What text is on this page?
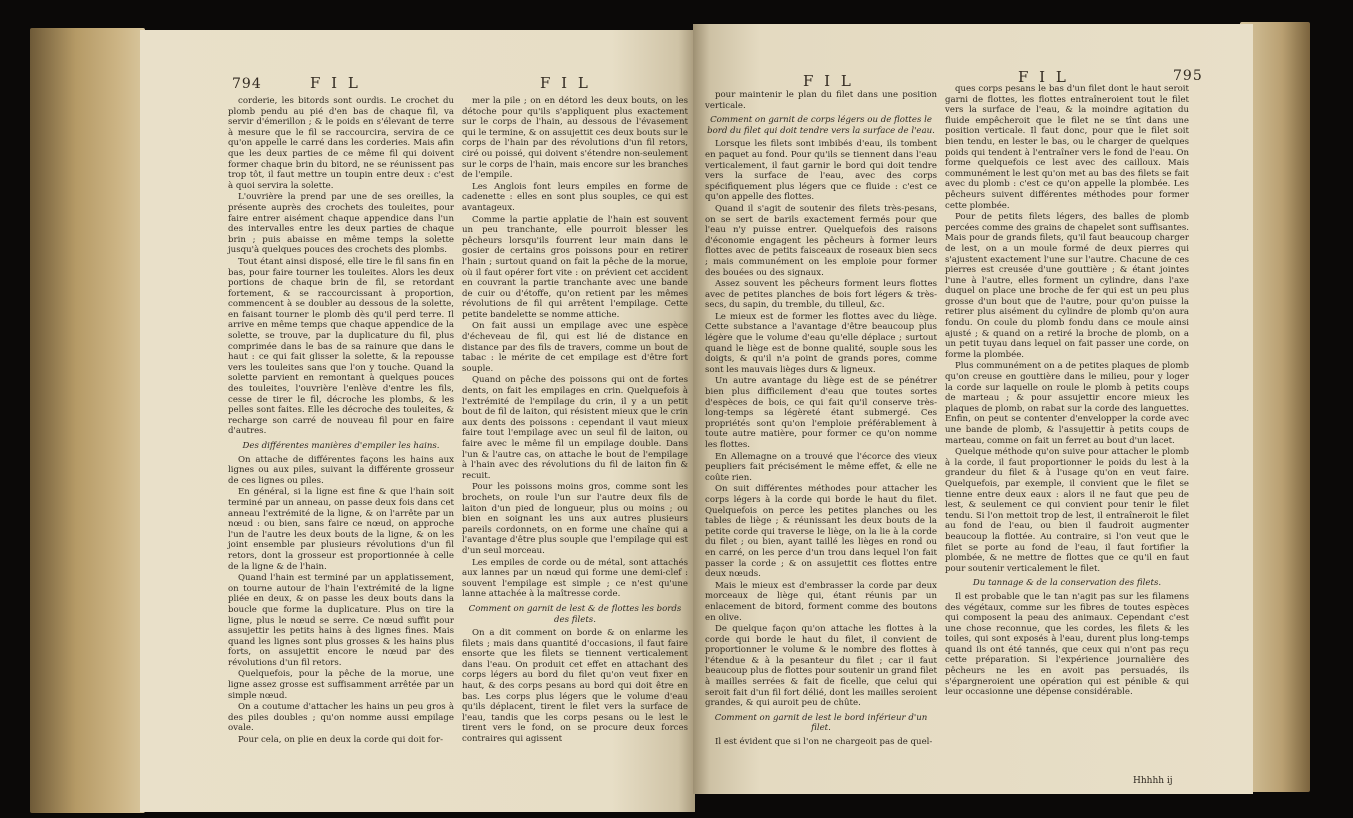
794	F I L	F I L

corderie, les bitords sont ourdis. Le crochet du plomb pendu au pié d'en bas de chaque fil, va servir d'émerillon ; & le poids en s'élevant de terre à mesure que le fil se raccourcira, servira de ce qu'on appelle le carré dans les corderies. Mais afin que les deux parties de ce même fil qui doivent former chaque brin du bitord, ne se réunissent pas trop tôt, il faut mettre un toupin entre deux : c'est à quoi servira la solette.

L'ouvrière la prend par une de ses oreilles, la présente auprès des crochets des touleites, pour faire entrer aisément chaque appendice dans l'un des intervalles entre les deux parties de chaque brin ; puis abaisse en même temps la solette jusqu'à quelques pouces des crochets des plombs.

Tout étant ainsi disposé, elle tire le fil sans fin en bas, pour faire tourner les touleites. Alors les deux portions de chaque brin de fil, se retordant fortement, & se raccourcissant à proportion, commencent à se doubler au dessous de la solette, en faisant tourner le plomb dès qu'il perd terre. Il arrive en même temps que chaque appendice de la solette, se trouve, par la duplicature du fil, plus comprimée dans le bas de sa rainure que dans le haut : ce qui fait glisser la solette, & la repousse vers les touleites sans que l'on y touche. Quand la solette parvient en remontant à quelques pouces des touleites, l'ouvrière l'enlève d'entre les fils, cesse de tirer le fil, décroche les plombs, & les pelles sont faites. Elle les décroche des touleites, & recharge son carré de nouveau fil pour en faire d'autres.

Des différentes manières d'empiler les hains.

On attache de différentes façons les hains aux lignes ou aux piles, suivant la différente grosseur de ces lignes ou piles.

En général, si la ligne est fine & que l'hain soit terminé par un anneau, on passe deux fois dans cet anneau l'extrémité de la ligne, & on l'arrête par un nœud : ou bien, sans faire ce nœud, on approche l'un de l'autre les deux bouts de la ligne, & on les joint ensemble par plusieurs révolutions d'un fil retors, dont la grosseur est proportionnée à celle de la ligne & de l'hain.

Quand l'hain est terminé par un applatissement, on tourne autour de l'hain l'extrémité de la ligne pliée en deux, & on passe les deux bouts dans la boucle que forme la duplicature. Plus on tire la ligne, plus le nœud se serre. Ce nœud suffit pour assujettir les petits hains à des lignes fines. Mais quand les lignes sont plus grosses & les hains plus forts, on assujettit encore le nœud par des révolutions d'un fil retors.

Quelquefois, pour la pêche de la morue, une ligne assez grosse est suffisamment arrêtée par un simple nœud.

On a coutume d'attacher les hains un peu gros à des piles doubles ; qu'on nomme aussi empilage ovale.

Pour cela, on plie en deux la corde qui doit for-

mer la pile ; on en détord les deux bouts, on les détoche pour qu'ils s'appliquent plus exactement sur le corps de l'hain, au dessous de l'évasement qui le termine, & on assujettit ces deux bouts sur le corps de l'hain par des révolutions d'un fil retors, ciré ou poissé, qui doivent s'étendre non-seulement sur le corps de l'hain, mais encore sur les branches de l'empile.

Les Anglois font leurs empiles en forme de cadenette : elles en sont plus souples, ce qui est avantageux.

Comme la partie applatie de l'hain est souvent un peu tranchante, elle pourroit blesser les pêcheurs lorsqu'ils fourrent leur main dans le gosier de certains gros poissons pour en retirer l'hain ; surtout quand on fait la pêche de la morue, où il faut opérer fort vite : on prévient cet accident en couvrant la partie tranchante avec une bande de cuir ou d'étoffe, qu'on retient par les mêmes révolutions de fil qui arrêtent l'empilage. Cette petite bandelette se nomme attiche.

On fait aussi un empilage avec une espèce d'écheveau de fil, qui est lié de distance en distance par des fils de travers, comme un bout de tabac : le mérite de cet empilage est d'être fort souple.

Quand on pêche des poissons qui ont de fortes dents, on fait les empilages en crin. Quelquefois à l'extrémité de l'empilage du crin, il y a un petit bout de fil de laiton, qui résistent mieux que le crin aux dents des poissons : cependant il vaut mieux faire tout l'empilage avec un seul fil de laiton, ou faire avec le même fil un empilage double. Dans l'un & l'autre cas, on attache le bout de l'empilage à l'hain avec des révolutions du fil de laiton fin & recuit.

Pour les poissons moins gros, comme sont les brochets, on roule l'un sur l'autre deux fils de laiton d'un pied de longueur, plus ou moins ; ou bien en soignant les uns aux autres plusieurs pareils cordonnets, on en forme une chaîne qui a l'avantage d'être plus souple que l'empilage qui est d'un seul morceau.

Les empiles de corde ou de métal, sont attachés aux lannes par un nœud qui forme une demi-clef : souvent l'empilage est simple ; ce n'est qu'une lanne attachée à la maîtresse corde.

Comment on garnit de lest & de flottes les bords des filets.

On a dit comment on borde & on enlarme les filets ; mais dans quantité d'occasions, il faut faire ensorte que les filets se tiennent verticalement dans l'eau. On produit cet effet en attachant des corps légers au bord du filet qu'on veut fixer en haut, & des corps pesans au bord qui doit être en bas. Les corps plus légers que le volume d'eau qu'ils déplacent, tirent le filet vers la surface de l'eau, tandis que les corps pesans ou le lest le tirent vers le fond, on se procure deux forces contraires qui agissent

F I L	F I L	795

pour maintenir le plan du filet dans une position verticale.

Comment on garnit de corps légers ou de flottes le bord du filet qui doit tendre vers la surface de l'eau.

Lorsque les filets sont imbibés d'eau, ils tombent en paquet au fond. Pour qu'ils se tiennent dans l'eau verticalement, il faut garnir le bord qui doit tendre vers la surface de l'eau, avec des corps spécifiquement plus légers que ce fluide : c'est ce qu'on appelle des flottes.

Quand il s'agit de soutenir des filets très-pesans, on se sert de barils exactement fermés pour que l'eau n'y puisse entrer. Quelquefois des raisons d'économie engagent les pêcheurs à former leurs flottes avec de petits faisceaux de roseaux bien secs ; mais communément on les emploie pour former des bouées ou des signaux.

Assez souvent les pêcheurs forment leurs flottes avec de petites planches de bois fort légers & très-secs, du sapin, du tremble, du tilleul, &c.

Le mieux est de former les flottes avec du liège. Cette substance a l'avantage d'être beaucoup plus légère que le volume d'eau qu'elle déplace ; surtout quand le liège est de bonne qualité, souple sous les doigts, & qu'il n'a point de grands pores, comme sont les mauvais lièges durs & ligneux.

Un autre avantage du liège est de se pénétrer bien plus difficilement d'eau que toutes sortes d'espèces de bois, ce qui fait qu'il conserve très-long-temps sa légèreté étant submergé. Ces propriétés sont qu'on l'emploie préférablement à toute autre matière, pour former ce qu'on nomme les flottes.

En Allemagne on a trouvé que l'écorce des vieux peupliers fait précisément le même effet, & elle ne coûte rien.

On suit différentes méthodes pour attacher les corps légers à la corde qui borde le haut du filet. Quelquefois on perce les petites planches ou les tables de liège ; & réunissant les deux bouts de la petite corde qui traverse le liège, on la lie à la corde du filet ; ou bien, ayant taillé les lièges en rond ou en carré, on les perce d'un trou dans lequel l'on fait passer la corde ; & on assujettit ces flottes entre deux nœuds.

Mais le mieux est d'embrasser la corde par deux morceaux de liège qui, étant réunis par un enlacement de bitord, forment comme des boutons en olive.

De quelque façon qu'on attache les flottes à la corde qui borde le haut du filet, il convient de proportionner le volume & le nombre des flottes à l'étendue & à la pesanteur du filet ; car il faut beaucoup plus de flottes pour soutenir un grand filet à mailles serrées & fait de ficelle, que celui qui seroit fait d'un fil fort délié, dont les mailles seroient grandes, & qui auroit peu de chûte.

Comment on garnit de lest le bord inférieur d'un filet.

Il est évident que si l'on ne chargeoit pas de quel-

ques corps pesans le bas d'un filet dont le haut seroit garni de flottes, les flottes entraîneroient tout le filet vers la surface de l'eau, & la moindre agitation du fluide empêcheroit que le filet ne se tînt dans une position verticale. Il faut donc, pour que le filet soit bien tendu, en lester le bas, ou le charger de quelques poids qui tendent à l'entraîner vers le fond de l'eau. On forme quelquefois ce lest avec des cailloux. Mais communément le lest qu'on met au bas des filets se fait avec du plomb : c'est ce qu'on appelle la plombée. Les pêcheurs suivent différentes méthodes pour former cette plombée.

Pour de petits filets légers, des balles de plomb percées comme des grains de chapelet sont suffisantes. Mais pour de grands filets, qu'il faut beaucoup charger de lest, on a un moule formé de deux pierres qui s'ajustent exactement l'une sur l'autre. Chacune de ces pierres est creusée d'une gouttière ; & étant jointes l'une à l'autre, elles forment un cylindre, dans l'axe duquel on place une broche de fer qui est un peu plus grosse d'un bout que de l'autre, pour qu'on puisse la retirer plus aisément du cylindre de plomb qu'on aura fondu. On coule du plomb fondu dans ce moule ainsi ajusté ; & quand on a retiré la broche de plomb, on a un petit tuyau dans lequel on fait passer une corde, on forme la plombée.

Plus communément on a de petites plaques de plomb qu'on creuse en gouttière dans le milieu, pour y loger la corde sur laquelle on roule le plomb à petits coups de marteau ; & pour assujettir encore mieux les plaques de plomb, on rabat sur la corde des languettes. Enfin, on peut se contenter d'envelopper la corde avec une bande de plomb, & l'assujettir à petits coups de marteau, comme on fait un ferret au bout d'un lacet.

Quelque méthode qu'on suive pour attacher le plomb à la corde, il faut proportionner le poids du lest à la grandeur du filet & à l'usage qu'on en veut faire. Quelquefois, par exemple, il convient que le filet se tienne entre deux eaux : alors il ne faut que peu de lest, & seulement ce qui convient pour tenir le filet tendu. Si l'on mettoit trop de lest, il entraîneroit le filet au fond de l'eau, ou bien il faudroit augmenter beaucoup la flottée. Au contraire, si l'on veut que le filet se porte au fond de l'eau, il faut fortifier la plombée, & ne mettre de flottes que ce qu'il en faut pour soutenir verticalement le filet.

Du tannage & de la conservation des filets.

Il est probable que le tan n'agit pas sur les filamens des végétaux, comme sur les fibres de toutes espèces qui composent la peau des animaux. Cependant c'est une chose reconnue, que les cordes, les filets & les toiles, qui sont exposés à l'eau, durent plus long-temps quand ils ont été tannés, que ceux qui n'ont pas reçu cette préparation. Si l'expérience journalière des pêcheurs ne les en avoit pas persuadés, ils s'épargneroient une opération qui est pénible & qui leur occasionne une dépense considérable.

Hhhhh ij
